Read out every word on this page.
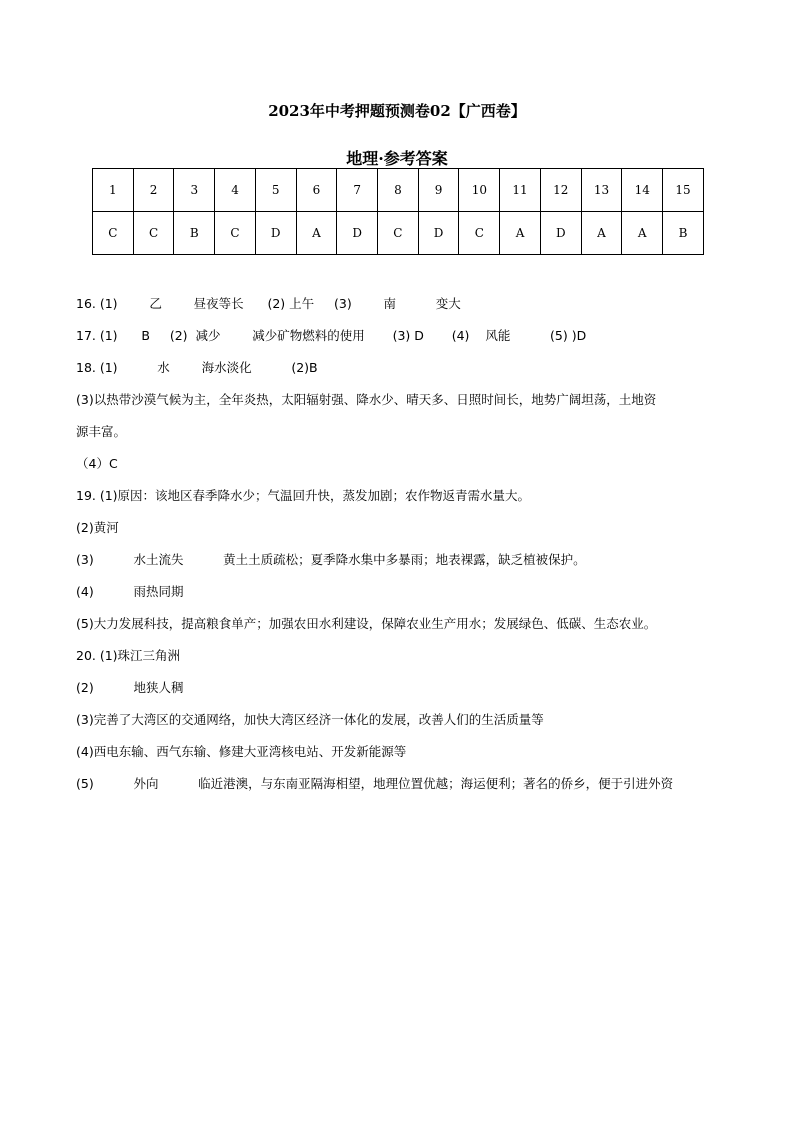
2023年中考押题预测卷02【广西卷】
地理·参考答案
1	2	3	4	5	6	7	8	9	10	11	12	13	14	15
C	C	B	C	D	A	D	C	D	C	A	D	A	A	B
16. (1)        乙        昼夜等长      (2) 上午     (3)        南          变大
17. (1)      B     (2)  减少        减少矿物燃料的使用       (3) D       (4)    风能          (5) )D
18. (1)          水        海水淡化          (2)B
(3)以热带沙漠气候为主，全年炎热，太阳辐射强、降水少、晴天多、日照时间长，地势广阔坦荡，土地资
源丰富。
（4）C
19. (1)原因：该地区春季降水少；气温回升快，蒸发加剧；农作物返青需水量大。
(2)黄河
(3)          水土流失          黄土土质疏松；夏季降水集中多暴雨；地表裸露，缺乏植被保护。
(4)          雨热同期
(5)大力发展科技，提高粮食单产；加强农田水利建设，保障农业生产用水；发展绿色、低碳、生态农业。
20. (1)珠江三角洲
(2)          地狭人稠
(3)完善了大湾区的交通网络，加快大湾区经济一体化的发展，改善人们的生活质量等
(4)西电东输、西气东输、修建大亚湾核电站、开发新能源等
(5)          外向          临近港澳，与东南亚隔海相望，地理位置优越；海运便利；著名的侨乡，便于引进外资
